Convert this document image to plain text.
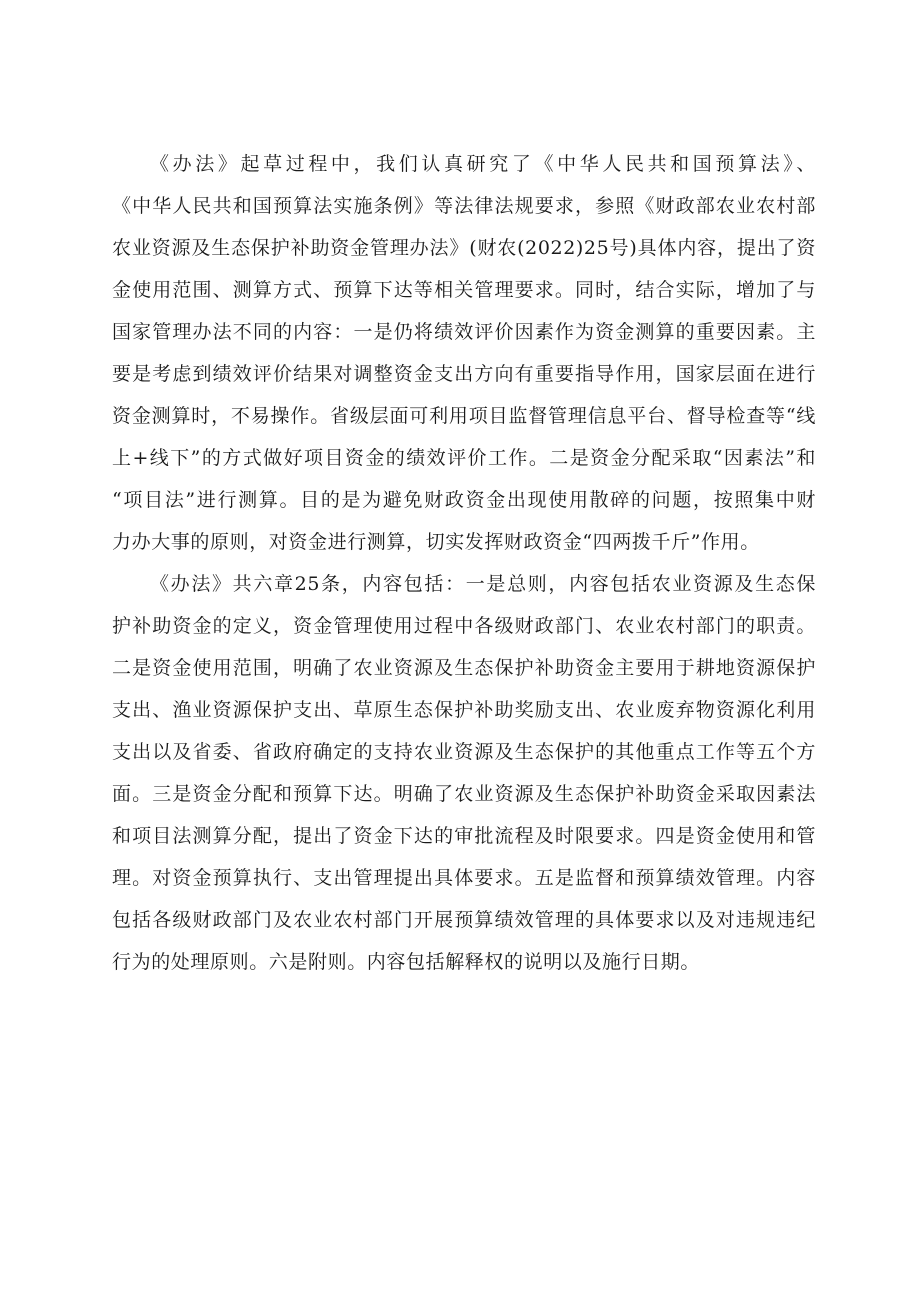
《办法》起草过程中，我们认真研究了《中华人民共和国预算法》、
《中华人民共和国预算法实施条例》等法律法规要求，参照《财政部农业农村部
农业资源及生态保护补助资金管理办法》(财农(2022)25号)具体内容，提出了资
金使用范围、测算方式、预算下达等相关管理要求。同时，结合实际，增加了与
国家管理办法不同的内容：一是仍将绩效评价因素作为资金测算的重要因素。主
要是考虑到绩效评价结果对调整资金支出方向有重要指导作用，国家层面在进行
资金测算时，不易操作。省级层面可利用项目监督管理信息平台、督导检查等“线
上+线下”的方式做好项目资金的绩效评价工作。二是资金分配采取“因素法”和
“项目法”进行测算。目的是为避免财政资金出现使用散碎的问题，按照集中财
力办大事的原则，对资金进行测算，切实发挥财政资金“四两拨千斤”作用。
《办法》共六章25条，内容包括：一是总则，内容包括农业资源及生态保
护补助资金的定义，资金管理使用过程中各级财政部门、农业农村部门的职责。
二是资金使用范围，明确了农业资源及生态保护补助资金主要用于耕地资源保护
支出、渔业资源保护支出、草原生态保护补助奖励支出、农业废弃物资源化利用
支出以及省委、省政府确定的支持农业资源及生态保护的其他重点工作等五个方
面。三是资金分配和预算下达。明确了农业资源及生态保护补助资金采取因素法
和项目法测算分配，提出了资金下达的审批流程及时限要求。四是资金使用和管
理。对资金预算执行、支出管理提出具体要求。五是监督和预算绩效管理。内容
包括各级财政部门及农业农村部门开展预算绩效管理的具体要求以及对违规违纪
行为的处理原则。六是附则。内容包括解释权的说明以及施行日期。
